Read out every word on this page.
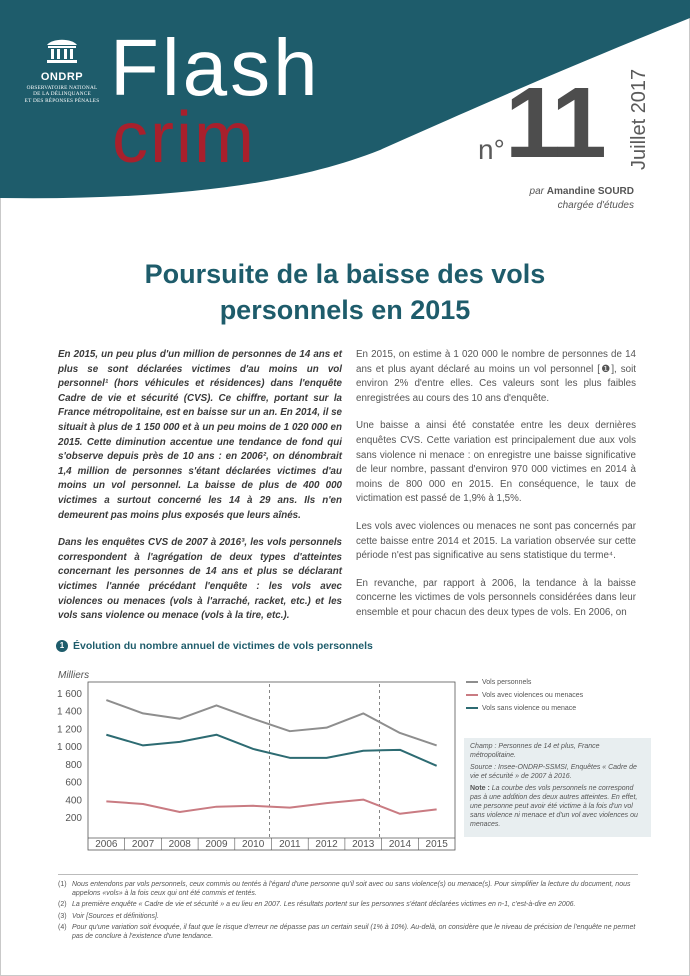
ONDRP
OBSERVATOIRE NATIONAL
DE LA DÉLINQUANCE
ET DES RÉPONSES PÉNALES Flash
crim	n° 11 Juillet 2017
par Amandine SOURD
chargée d'études
Poursuite de la baisse des vols
personnels en 2015

En 2015, un peu plus d'un million de personnes de 14 ans et plus se sont déclarées victimes d'au moins un vol personnel¹ (hors véhicules et résidences) dans l'enquête Cadre de vie et sécurité (CVS). Ce chiffre, portant sur la France métropolitaine, est en baisse sur un an. En 2014, il se situait à plus de 1 150 000 et à un peu moins de 1 020 000 en 2015. Cette diminution accentue une tendance de fond qui s'observe depuis près de 10 ans : en 2006², on dénombrait 1,4 million de personnes s'étant déclarées victimes d'au moins un vol personnel. La baisse de plus de 400 000 victimes a surtout concerné les 14 à 29 ans. Ils n'en demeurent pas moins plus exposés que leurs aînés.

Dans les enquêtes CVS de 2007 à 2016³, les vols personnels correspondent à l'agrégation de deux types d'atteintes concernant les personnes de 14 ans et plus se déclarant victimes l'année précédant l'enquête : les vols avec violences ou menaces (vols à l'arraché, racket, etc.) et les vols sans violence ou menace (vols à la tire, etc.).

En 2015, on estime à 1 020 000 le nombre de personnes de 14 ans et plus ayant déclaré au moins un vol personnel [❶], soit environ 2% d'entre elles. Ces valeurs sont les plus faibles enregistrées au cours des 10 ans d'enquête.

Une baisse a ainsi été constatée entre les deux dernières enquêtes CVS. Cette variation est principalement due aux vols sans violence ni menace : on enregistre une baisse significative de leur nombre, passant d'environ 970 000 victimes en 2014 à moins de 800 000 en 2015. En conséquence, le taux de victimation est passé de 1,9% à 1,5%.

Les vols avec violences ou menaces ne sont pas concernés par cette baisse entre 2014 et 2015. La variation observée sur cette période n'est pas significative au sens statistique du terme⁴.

En revanche, par rapport à 2006, la tendance à la baisse concerne les victimes de vols personnels considérées dans leur ensemble et pour chacun des deux types de vols. En 2006, on

1 Évolution du nombre annuel de victimes de vols personnels
Milliers
1 600
1 400
1 200
1 000
800
600
400
200
2006 2007 2008 2009 2010 2011 2012 2013 2014 2015
Vols personnels
Vols avec violences ou menaces
Vols sans violence ou menace

Champ : Personnes de 14 et plus, France métropolitaine.

Source : Insee-ONDRP-SSMSI, Enquêtes « Cadre de vie et sécurité » de 2007 à 2016.

Note : La courbe des vols personnels ne correspond pas à une addition des deux autres atteintes. En effet, une personne peut avoir été victime à la fois d'un vol sans violence ni menace et d'un vol avec violences ou menaces.

(1) Nous entendons par vols personnels, ceux commis ou tentés à l'égard d'une personne qu'il soit avec ou sans violence(s) ou menace(s). Pour simplifier la lecture du document, nous appelons «vols» à la fois ceux qui ont été commis et tentés.
(2) La première enquête « Cadre de vie et sécurité » a eu lieu en 2007. Les résultats portent sur les personnes s'étant déclarées victimes en n-1, c'est-à-dire en 2006.
(3) Voir [Sources et définitions].
(4) Pour qu'une variation soit évoquée, il faut que le risque d'erreur ne dépasse pas un certain seuil (1% à 10%). Au-delà, on considère que le niveau de précision de l'enquête ne permet pas de conclure à l'existence d'une tendance.
